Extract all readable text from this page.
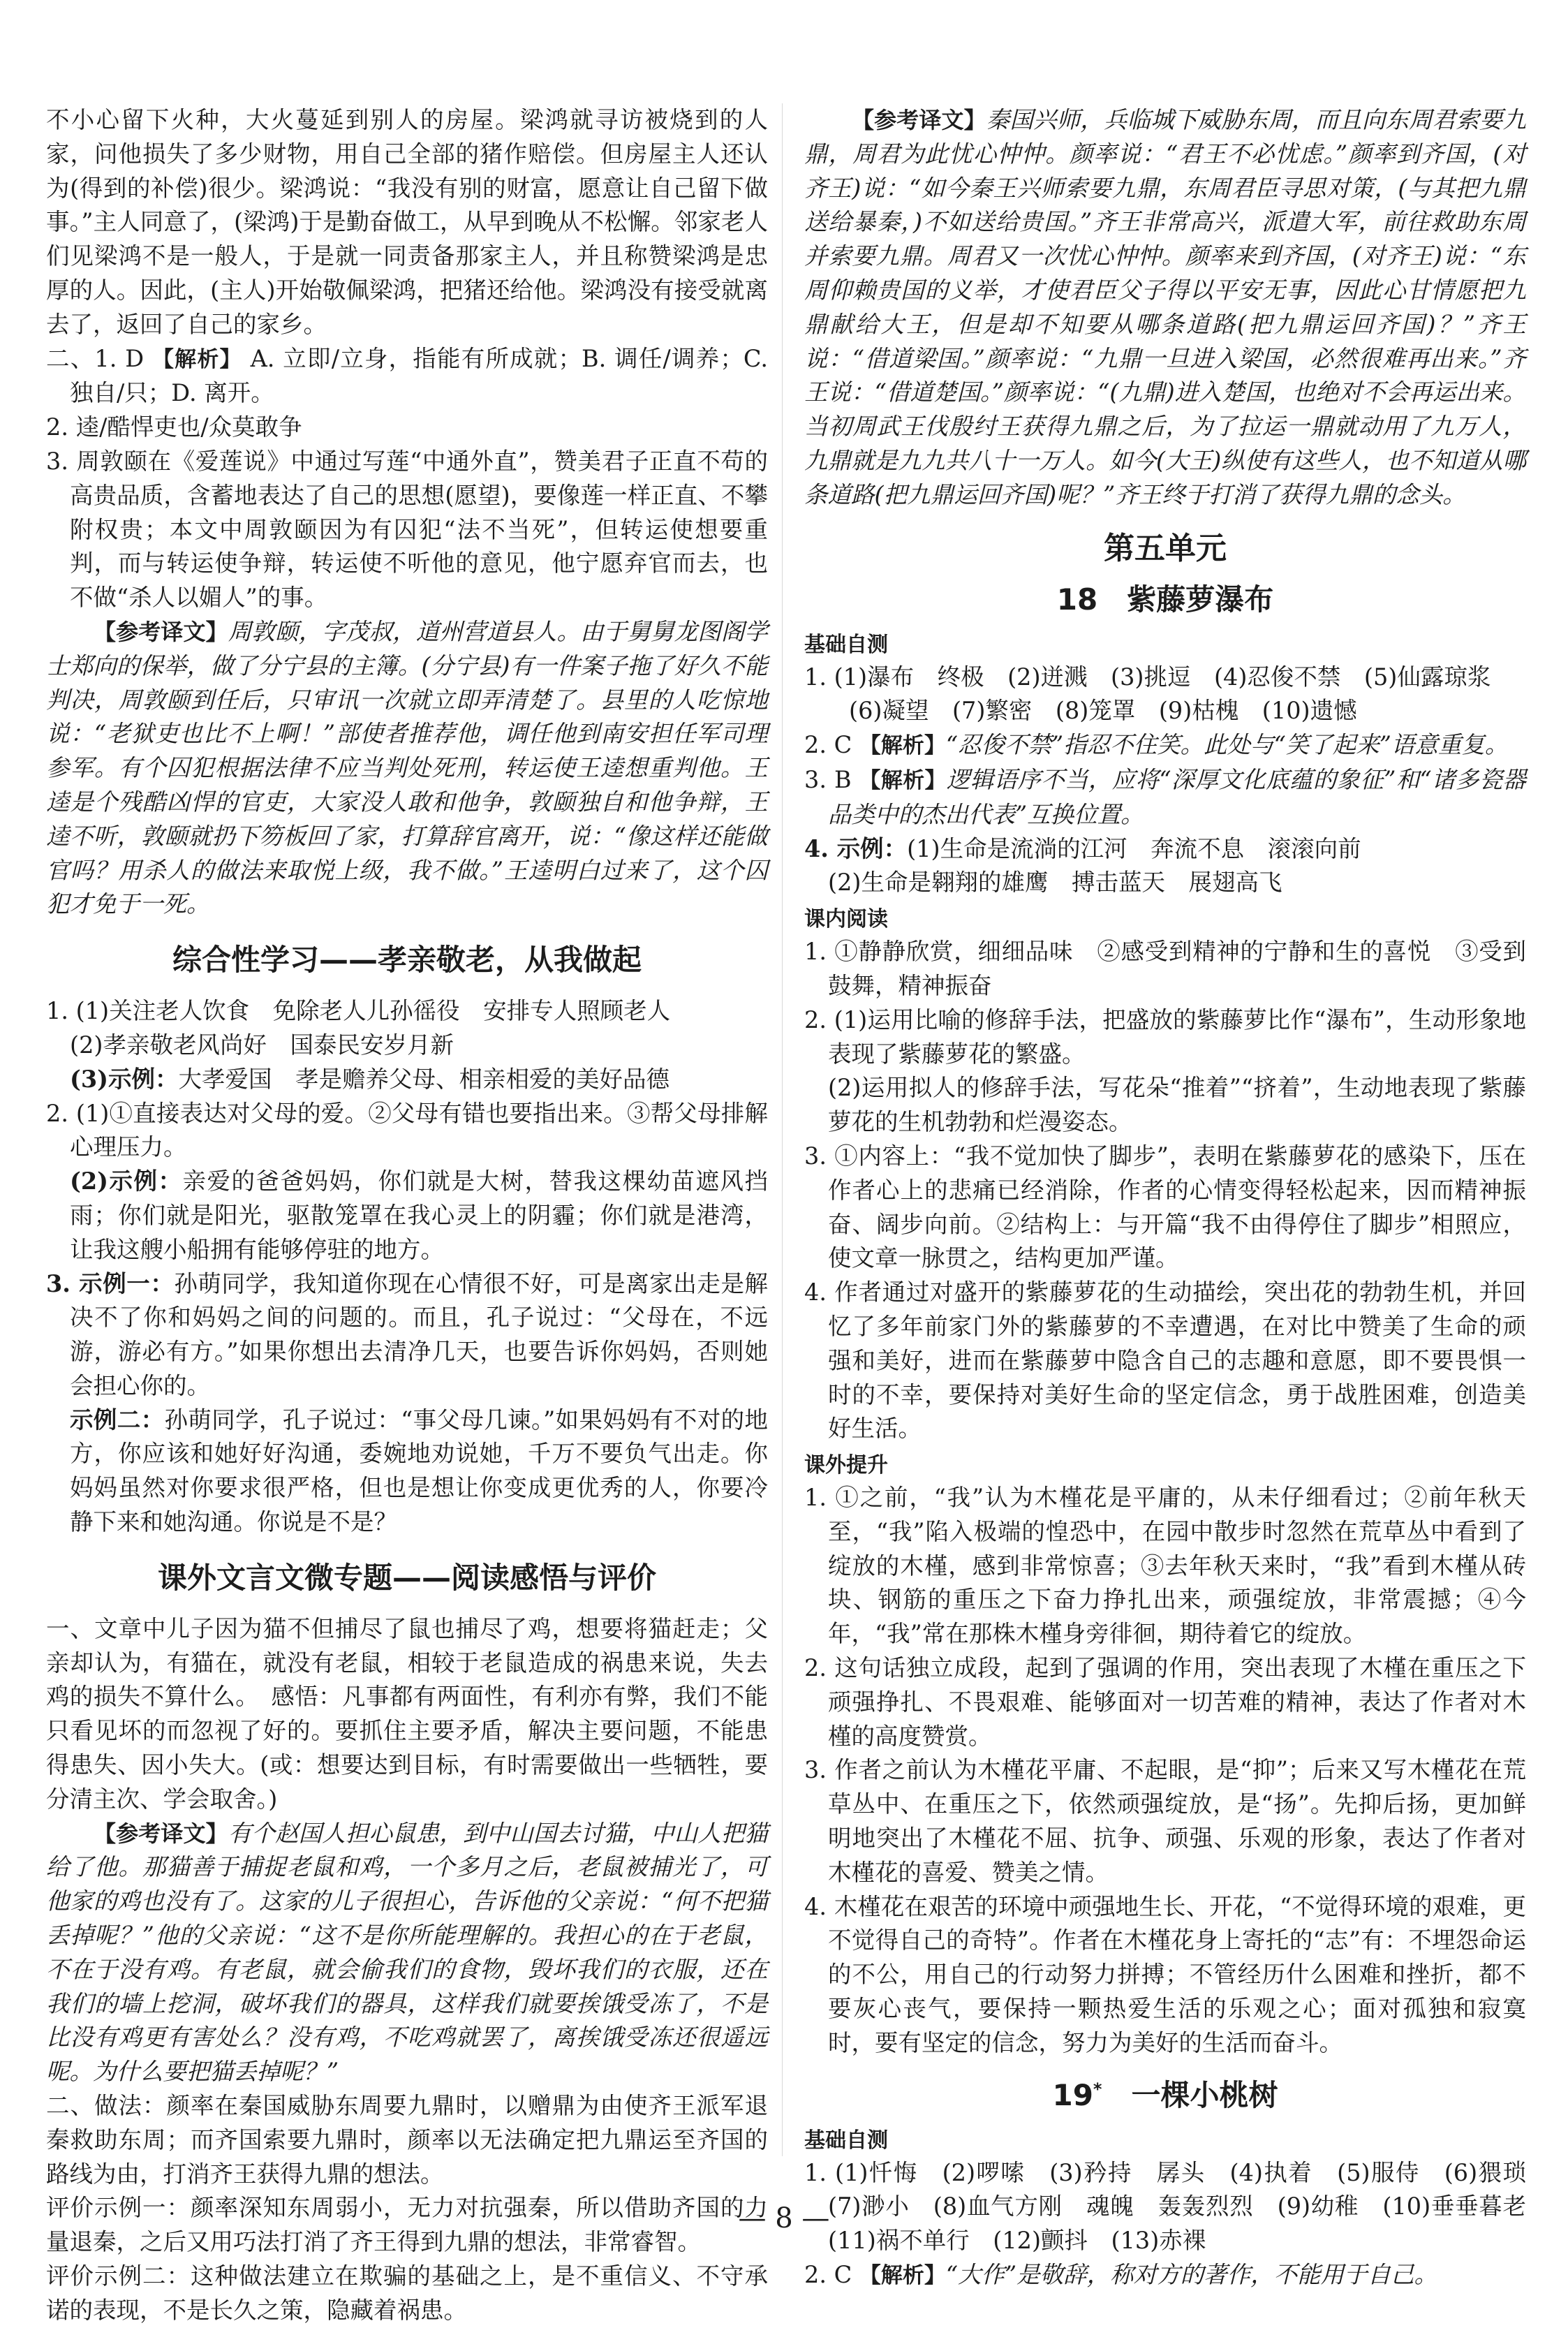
不小心留下火种，大火蔓延到别人的房屋。梁鸿就寻访被烧到的人家，问他损失了多少财物，用自己全部的猪作赔偿。但房屋主人还认为(得到的补偿)很少。梁鸿说：“我没有别的财富，愿意让自己留下做事。”主人同意了，(梁鸿)于是勤奋做工，从早到晚从不松懈。邻家老人们见梁鸿不是一般人，于是就一同责备那家主人，并且称赞梁鸿是忠厚的人。因此，(主人)开始敬佩梁鸿，把猪还给他。梁鸿没有接受就离去了，返回了自己的家乡。

二、1. D 【解析】 A. 立即/立身，指能有所成就；B. 调任/调养；C. 独自/只；D. 离开。

2. 逵/酷悍吏也/众莫敢争

3. 周敦颐在《爱莲说》中通过写莲“中通外直”，赞美君子正直不苟的高贵品质，含蓄地表达了自己的思想(愿望)，要像莲一样正直、不攀附权贵；本文中周敦颐因为有囚犯“法不当死”，但转运使想要重判，而与转运使争辩，转运使不听他的意见，他宁愿弃官而去，也不做“杀人以媚人”的事。

【参考译文】周敦颐，字茂叔，道州营道县人。由于舅舅龙图阁学士郑向的保举，做了分宁县的主簿。(分宁县)有一件案子拖了好久不能判决，周敦颐到任后，只审讯一次就立即弄清楚了。县里的人吃惊地说：“老狱吏也比不上啊！”部使者推荐他，调任他到南安担任军司理参军。有个囚犯根据法律不应当判处死刑，转运使王逵想重判他。王逵是个残酷凶悍的官吏，大家没人敢和他争，敦颐独自和他争辩，王逵不听，敦颐就扔下笏板回了家，打算辞官离开，说：“像这样还能做官吗？用杀人的做法来取悦上级，我不做。”王逵明白过来了，这个囚犯才免于一死。

综合性学习——孝亲敬老，从我做起

1. (1)关注老人饮食　免除老人儿孙徭役　安排专人照顾老人

(2)孝亲敬老风尚好　国泰民安岁月新

(3)示例：大孝爱国　孝是赡养父母、相亲相爱的美好品德

2. (1)①直接表达对父母的爱。②父母有错也要指出来。③帮父母排解心理压力。

(2)示例：亲爱的爸爸妈妈，你们就是大树，替我这棵幼苗遮风挡雨；你们就是阳光，驱散笼罩在我心灵上的阴霾；你们就是港湾，让我这艘小船拥有能够停驻的地方。

3. 示例一：孙萌同学，我知道你现在心情很不好，可是离家出走是解决不了你和妈妈之间的问题的。而且，孔子说过：“父母在，不远游，游必有方。”如果你想出去清净几天，也要告诉你妈妈，否则她会担心你的。

示例二：孙萌同学，孔子说过：“事父母几谏。”如果妈妈有不对的地方，你应该和她好好沟通，委婉地劝说她，千万不要负气出走。你妈妈虽然对你要求很严格，但也是想让你变成更优秀的人，你要冷静下来和她沟通。你说是不是？

课外文言文微专题——阅读感悟与评价

一、文章中儿子因为猫不但捕尽了鼠也捕尽了鸡，想要将猫赶走；父亲却认为，有猫在，就没有老鼠，相较于老鼠造成的祸患来说，失去鸡的损失不算什么。　感悟：凡事都有两面性，有利亦有弊，我们不能只看见坏的而忽视了好的。要抓住主要矛盾，解决主要问题，不能患得患失、因小失大。(或：想要达到目标，有时需要做出一些牺牲，要分清主次、学会取舍。)

【参考译文】有个赵国人担心鼠患，到中山国去讨猫，中山人把猫给了他。那猫善于捕捉老鼠和鸡，一个多月之后，老鼠被捕光了，可他家的鸡也没有了。这家的儿子很担心，告诉他的父亲说：“何不把猫丢掉呢？”他的父亲说：“这不是你所能理解的。我担心的在于老鼠，不在于没有鸡。有老鼠，就会偷我们的食物，毁坏我们的衣服，还在我们的墙上挖洞，破坏我们的器具，这样我们就要挨饿受冻了，不是比没有鸡更有害处么？没有鸡，不吃鸡就罢了，离挨饿受冻还很遥远呢。为什么要把猫丢掉呢？”

二、做法：颜率在秦国威胁东周要九鼎时，以赠鼎为由使齐王派军退秦救助东周；而齐国索要九鼎时，颜率以无法确定把九鼎运至齐国的路线为由，打消齐王获得九鼎的想法。

评价示例一：颜率深知东周弱小，无力对抗强秦，所以借助齐国的力量退秦，之后又用巧法打消了齐王得到九鼎的想法，非常睿智。

评价示例二：这种做法建立在欺骗的基础之上，是不重信义、不守承诺的表现，不是长久之策，隐藏着祸患。

【参考译文】秦国兴师，兵临城下威胁东周，而且向东周君索要九鼎，周君为此忧心忡忡。颜率说：“君王不必忧虑。”颜率到齐国，(对齐王)说：“如今秦王兴师索要九鼎，东周君臣寻思对策，(与其把九鼎送给暴秦，)不如送给贵国。”齐王非常高兴，派遣大军，前往救助东周并索要九鼎。周君又一次忧心忡忡。颜率来到齐国，(对齐王)说：“东周仰赖贵国的义举，才使君臣父子得以平安无事，因此心甘情愿把九鼎献给大王，但是却不知要从哪条道路(把九鼎运回齐国)？”齐王说：“借道梁国。”颜率说：“九鼎一旦进入梁国，必然很难再出来。”齐王说：“借道楚国。”颜率说：“(九鼎)进入楚国，也绝对不会再运出来。当初周武王伐殷纣王获得九鼎之后，为了拉运一鼎就动用了九万人，九鼎就是九九共八十一万人。如今(大王)纵使有这些人，也不知道从哪条道路(把九鼎运回齐国)呢？”齐王终于打消了获得九鼎的念头。

第五单元
18　 紫藤萝瀑布
基础自测

1. (1)瀑布　终极　(2)迸溅　(3)挑逗　(4)忍俊不禁　(5)仙露琼浆

(6)凝望　(7)繁密　(8)笼罩　(9)枯槐　(10)遗憾

2. C 【解析】“忍俊不禁”指忍不住笑。此处与“笑了起来”语意重复。

3. B 【解析】逻辑语序不当，应将“深厚文化底蕴的象征”和“诸多瓷器品类中的杰出代表”互换位置。

4. 示例：(1)生命是流淌的江河　奔流不息　滚滚向前

(2)生命是翱翔的雄鹰　搏击蓝天　展翅高飞

课内阅读

1. ①静静欣赏，细细品味　②感受到精神的宁静和生的喜悦　③受到鼓舞，精神振奋

2. (1)运用比喻的修辞手法，把盛放的紫藤萝比作“瀑布”，生动形象地表现了紫藤萝花的繁盛。

(2)运用拟人的修辞手法，写花朵“推着”“挤着”，生动地表现了紫藤萝花的生机勃勃和烂漫姿态。

3. ①内容上：“我不觉加快了脚步”，表明在紫藤萝花的感染下，压在作者心上的悲痛已经消除，作者的心情变得轻松起来，因而精神振奋、阔步向前。②结构上：与开篇“我不由得停住了脚步”相照应，使文章一脉贯之，结构更加严谨。

4. 作者通过对盛开的紫藤萝花的生动描绘，突出花的勃勃生机，并回忆了多年前家门外的紫藤萝的不幸遭遇，在对比中赞美了生命的顽强和美好，进而在紫藤萝中隐含自己的志趣和意愿，即不要畏惧一时的不幸，要保持对美好生命的坚定信念，勇于战胜困难，创造美好生活。

课外提升

1. ①之前，“我”认为木槿花是平庸的，从未仔细看过；②前年秋天至，“我”陷入极端的惶恐中，在园中散步时忽然在荒草丛中看到了绽放的木槿，感到非常惊喜；③去年秋天来时，“我”看到木槿从砖块、钢筋的重压之下奋力挣扎出来，顽强绽放，非常震撼；④今年，“我”常在那株木槿身旁徘徊，期待着它的绽放。

2. 这句话独立成段，起到了强调的作用，突出表现了木槿在重压之下顽强挣扎、不畏艰难、能够面对一切苦难的精神，表达了作者对木槿的高度赞赏。

3. 作者之前认为木槿花平庸、不起眼，是“抑”；后来又写木槿花在荒草丛中、在重压之下，依然顽强绽放，是“扬”。先抑后扬，更加鲜明地突出了木槿花不屈、抗争、顽强、乐观的形象，表达了作者对木槿花的喜爱、赞美之情。

4. 木槿花在艰苦的环境中顽强地生长、开花，“不觉得环境的艰难，更不觉得自己的奇特”。作者在木槿花身上寄托的“志”有：不埋怨命运的不公，用自己的行动努力拼搏；不管经历什么困难和挫折，都不要灰心丧气，要保持一颗热爱生活的乐观之心；面对孤独和寂寞时，要有坚定的信念，努力为美好的生活而奋斗。

19*　 一棵小桃树
基础自测

1. (1)忏悔　(2)啰嗦　(3)矜持　孱头　(4)执着　(5)服侍　(6)猥琐　(7)渺小　(8)血气方刚　魂魄　轰轰烈烈　(9)幼稚　(10)垂垂暮老　(11)祸不单行　(12)颤抖　(13)赤裸

2. C 【解析】“大作”是敬辞，称对方的著作，不能用于自己。

— 8 —
